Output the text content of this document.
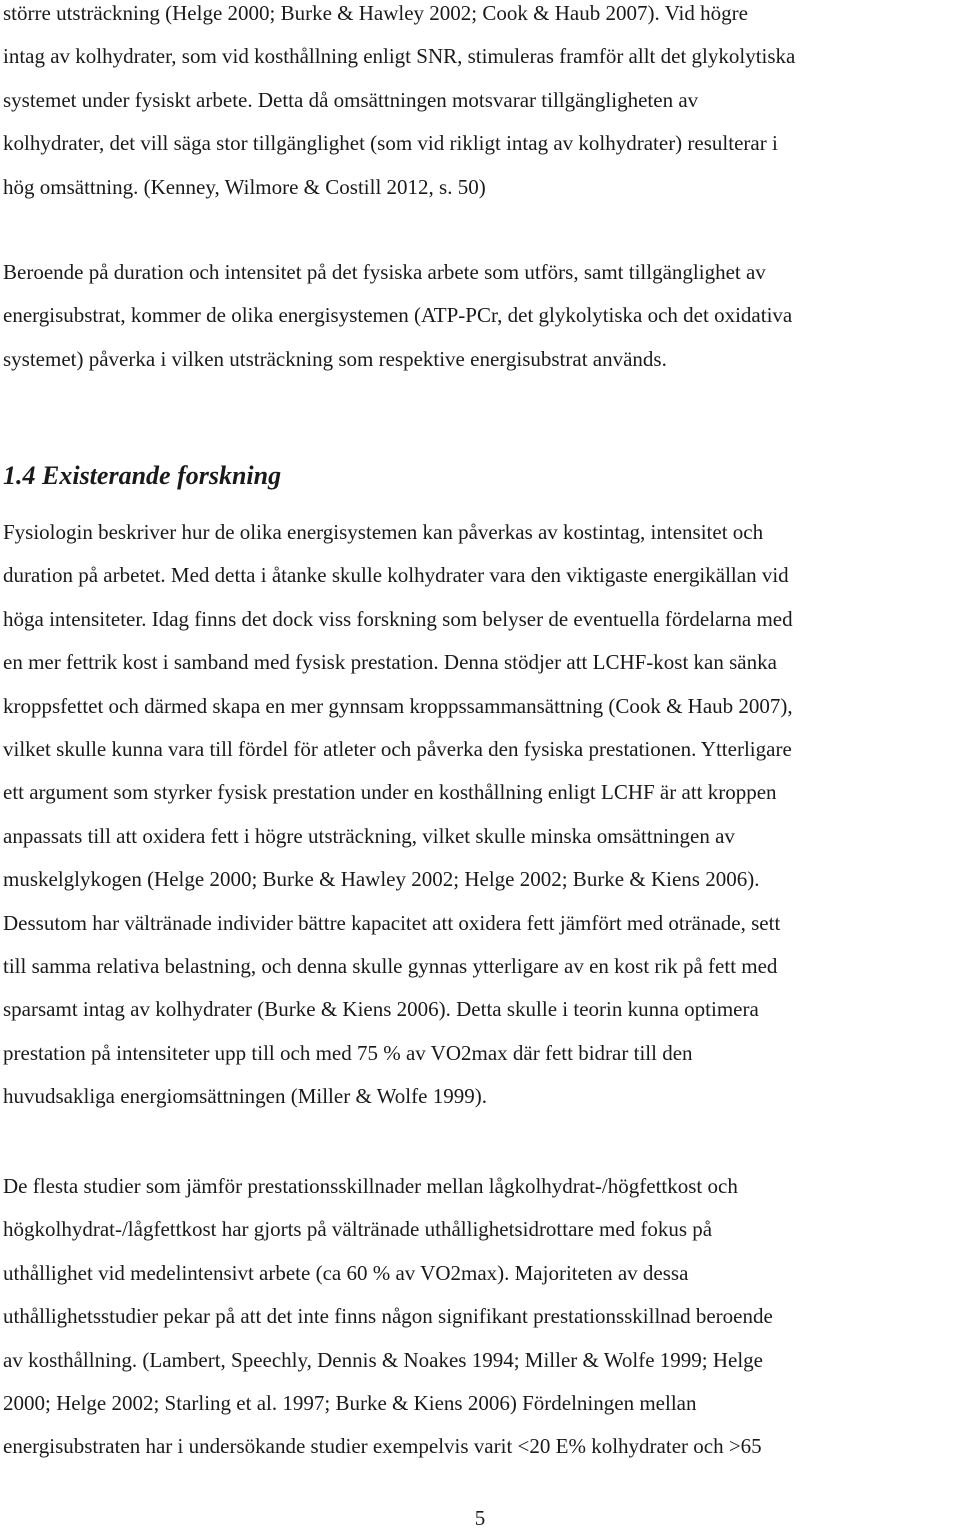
större utsträckning (Helge 2000; Burke & Hawley 2002; Cook & Haub 2007). Vid högre
intag av kolhydrater, som vid kosthållning enligt SNR, stimuleras framför allt det glykolytiska
systemet under fysiskt arbete. Detta då omsättningen motsvarar tillgängligheten av
kolhydrater, det vill säga stor tillgänglighet (som vid rikligt intag av kolhydrater) resulterar i
hög omsättning. (Kenney, Wilmore & Costill 2012, s. 50)
Beroende på duration och intensitet på det fysiska arbete som utförs, samt tillgänglighet av
energisubstrat, kommer de olika energisystemen (ATP-PCr, det glykolytiska och det oxidativa
systemet) påverka i vilken utsträckning som respektive energisubstrat används.
1.4 Existerande forskning
Fysiologin beskriver hur de olika energisystemen kan påverkas av kostintag, intensitet och
duration på arbetet. Med detta i åtanke skulle kolhydrater vara den viktigaste energikällan vid
höga intensiteter. Idag finns det dock viss forskning som belyser de eventuella fördelarna med
en mer fettrik kost i samband med fysisk prestation. Denna stödjer att LCHF-kost kan sänka
kroppsfettet och därmed skapa en mer gynnsam kroppssammansättning (Cook & Haub 2007),
vilket skulle kunna vara till fördel för atleter och påverka den fysiska prestationen. Ytterligare
ett argument som styrker fysisk prestation under en kosthållning enligt LCHF är att kroppen
anpassats till att oxidera fett i högre utsträckning, vilket skulle minska omsättningen av
muskelglykogen (Helge 2000; Burke & Hawley 2002; Helge 2002; Burke & Kiens 2006).
Dessutom har vältränade individer bättre kapacitet att oxidera fett jämfört med otränade, sett
till samma relativa belastning, och denna skulle gynnas ytterligare av en kost rik på fett med
sparsamt intag av kolhydrater (Burke & Kiens 2006). Detta skulle i teorin kunna optimera
prestation på intensiteter upp till och med 75 % av VO2max där fett bidrar till den
huvudsakliga energiomsättningen (Miller & Wolfe 1999).
De flesta studier som jämför prestationsskillnader mellan lågkolhydrat-/högfettkost och
högkolhydrat-/lågfettkost har gjorts på vältränade uthållighetsidrottare med fokus på
uthållighet vid medelintensivt arbete (ca 60 % av VO2max). Majoriteten av dessa
uthållighetsstudier pekar på att det inte finns någon signifikant prestationsskillnad beroende
av kosthållning. (Lambert, Speechly, Dennis & Noakes 1994; Miller & Wolfe 1999; Helge
2000; Helge 2002; Starling et al. 1997; Burke & Kiens 2006) Fördelningen mellan
energisubstraten har i undersökande studier exempelvis varit <20 E% kolhydrater och >65
5
